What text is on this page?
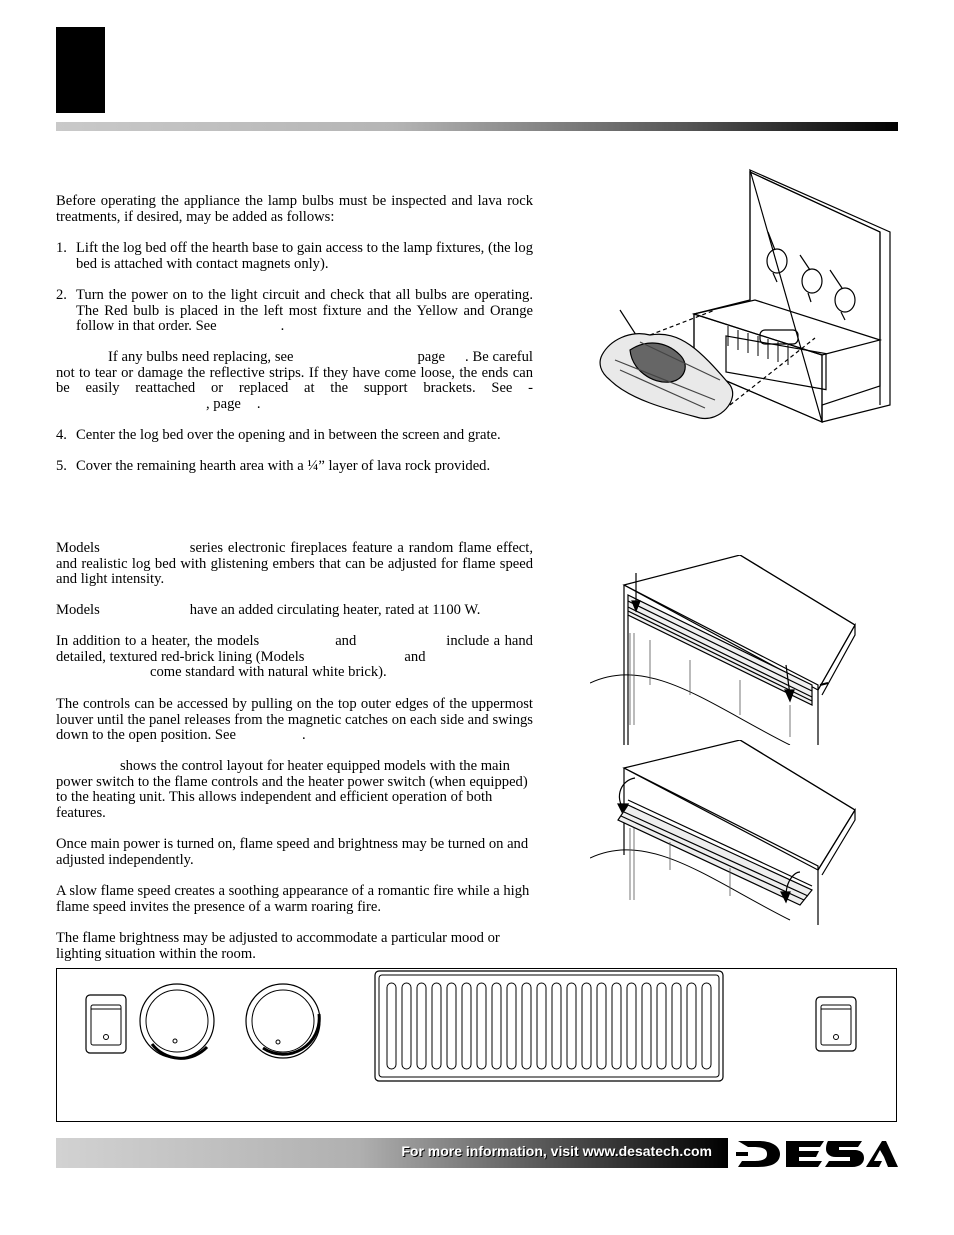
Before operating the appliance the lamp bulbs must be inspected and lava rock treatments, if desired, may be added as follows:

1. Lift the log bed off the hearth base to gain access to the lamp fixtures, (the log bed is attached with contact magnets only).
2. Turn the power on to the light circuit and check that all bulbs are operating. The Red bulb is placed in the left most fixture and the Yellow and Orange follow in that order. See	.

If any bulbs need replacing, see	page . Be careful not to tear or damage the reflective strips. If they have come loose, the ends can be easily reattached or replaced at the support brackets. See -, page .

4. Center the log bed over the opening and in between the screen and grate.
5. Cover the remaining hearth area with a ¼” layer of lava rock provided.

Models	series electronic fireplaces feature a random flame effect, and realistic log bed with glistening embers that can be adjusted for flame speed and light intensity.

Models	have an added circulating heater, rated at 1100 W.

In addition to a heater, the models	and	include a hand detailed, textured red-brick lining (Models	and
come standard with natural white brick).

The controls can be accessed by pulling on the top outer edges of the uppermost louver until the panel releases from the magnetic catches on each side and swings down to the open position. See	.

shows the control layout for heater equipped models with the main power switch to the flame controls and the heater power switch (when equipped) to the heating unit. This allows independent and efficient operation of both features.

Once main power is turned on, flame speed and brightness may be turned on and adjusted independently.

A slow flame speed creates a soothing appearance of a romantic fire while a high flame speed invites the presence of a warm roaring fire.

The flame brightness may be adjusted to accommodate a particular mood or lighting situation within the room.

For more information, visit www.desatech.com
